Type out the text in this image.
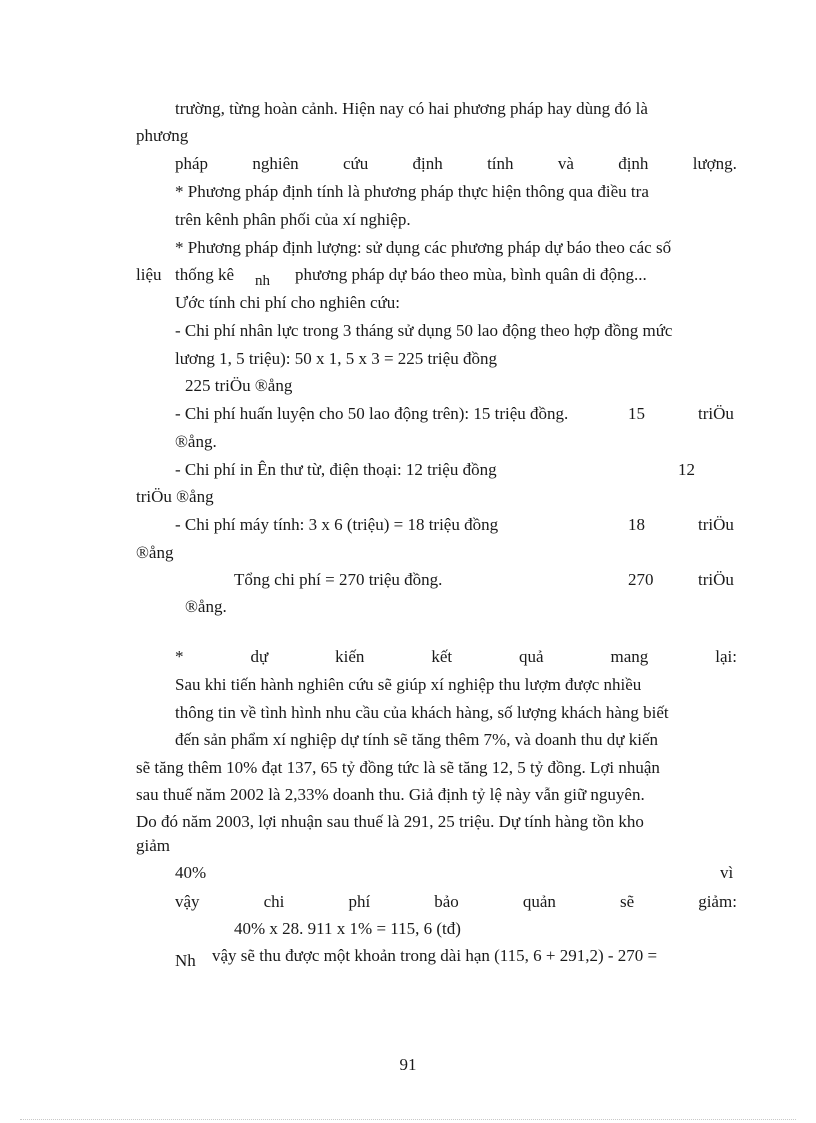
trường, từng hoàn cảnh. Hiện nay có hai phương pháp hay dùng đó là
phương
pháp	nghiên	cứu	định	tính	và	định	lượng.
* Phương pháp định tính là phương pháp thực hiện thông qua điều tra
trên kênh phân phối của xí nghiệp.
* Phương pháp định lượng: sử dụng các phương pháp dự báo theo các số
liệu thống kê nh phương pháp dự báo theo mùa, bình quân di động...
Ước tính chi phí cho nghiên cứu:
- Chi phí nhân lực trong 3 tháng sử dụng 50 lao động theo hợp đồng mức
lương 1, 5 triệu): 50 x 1, 5 x 3 = 225 triệu đồng
225 triÖu ®ång
- Chi phí huấn luyện cho 50 lao động trên): 15 triệu đồng.	15	triÖu
®ång.
- Chi phí in Ên thư từ, điện thoại: 12 triệu đồng	12
triÖu ®ång
- Chi phí máy tính: 3 x 6 (triệu) = 18 triệu đồng	18	triÖu
®ång
Tổng chi phí = 270 triệu đồng.	270	triÖu
®ång.
*	dự	kiến	kết	quả	mang	lại:
Sau khi tiến hành nghiên cứu sẽ giúp xí nghiệp thu lượm được nhiều
thông tin về tình hình nhu cầu của khách hàng, số lượng khách hàng biết
đến sản phẩm xí nghiệp dự tính sẽ tăng thêm 7%, và doanh thu dự kiến
sẽ tăng thêm 10% đạt 137, 65 tỷ đồng tức là sẽ tăng 12, 5 tỷ đồng. Lợi nhuận
sau thuế năm 2002 là 2,33% doanh thu. Giả định tỷ lệ này vẫn giữ nguyên.
Do đó năm 2003, lợi nhuận sau thuế là 291, 25 triệu. Dự tính hàng tồn kho
giảm
40%	vì
vậy	chi	phí	bảo	quản	sẽ	giảm:
40% x 28. 911 x 1% = 115, 6 (tđ)
Nh vậy sẽ thu được một khoản trong dài hạn (115, 6 + 291,2) - 270 =
91
